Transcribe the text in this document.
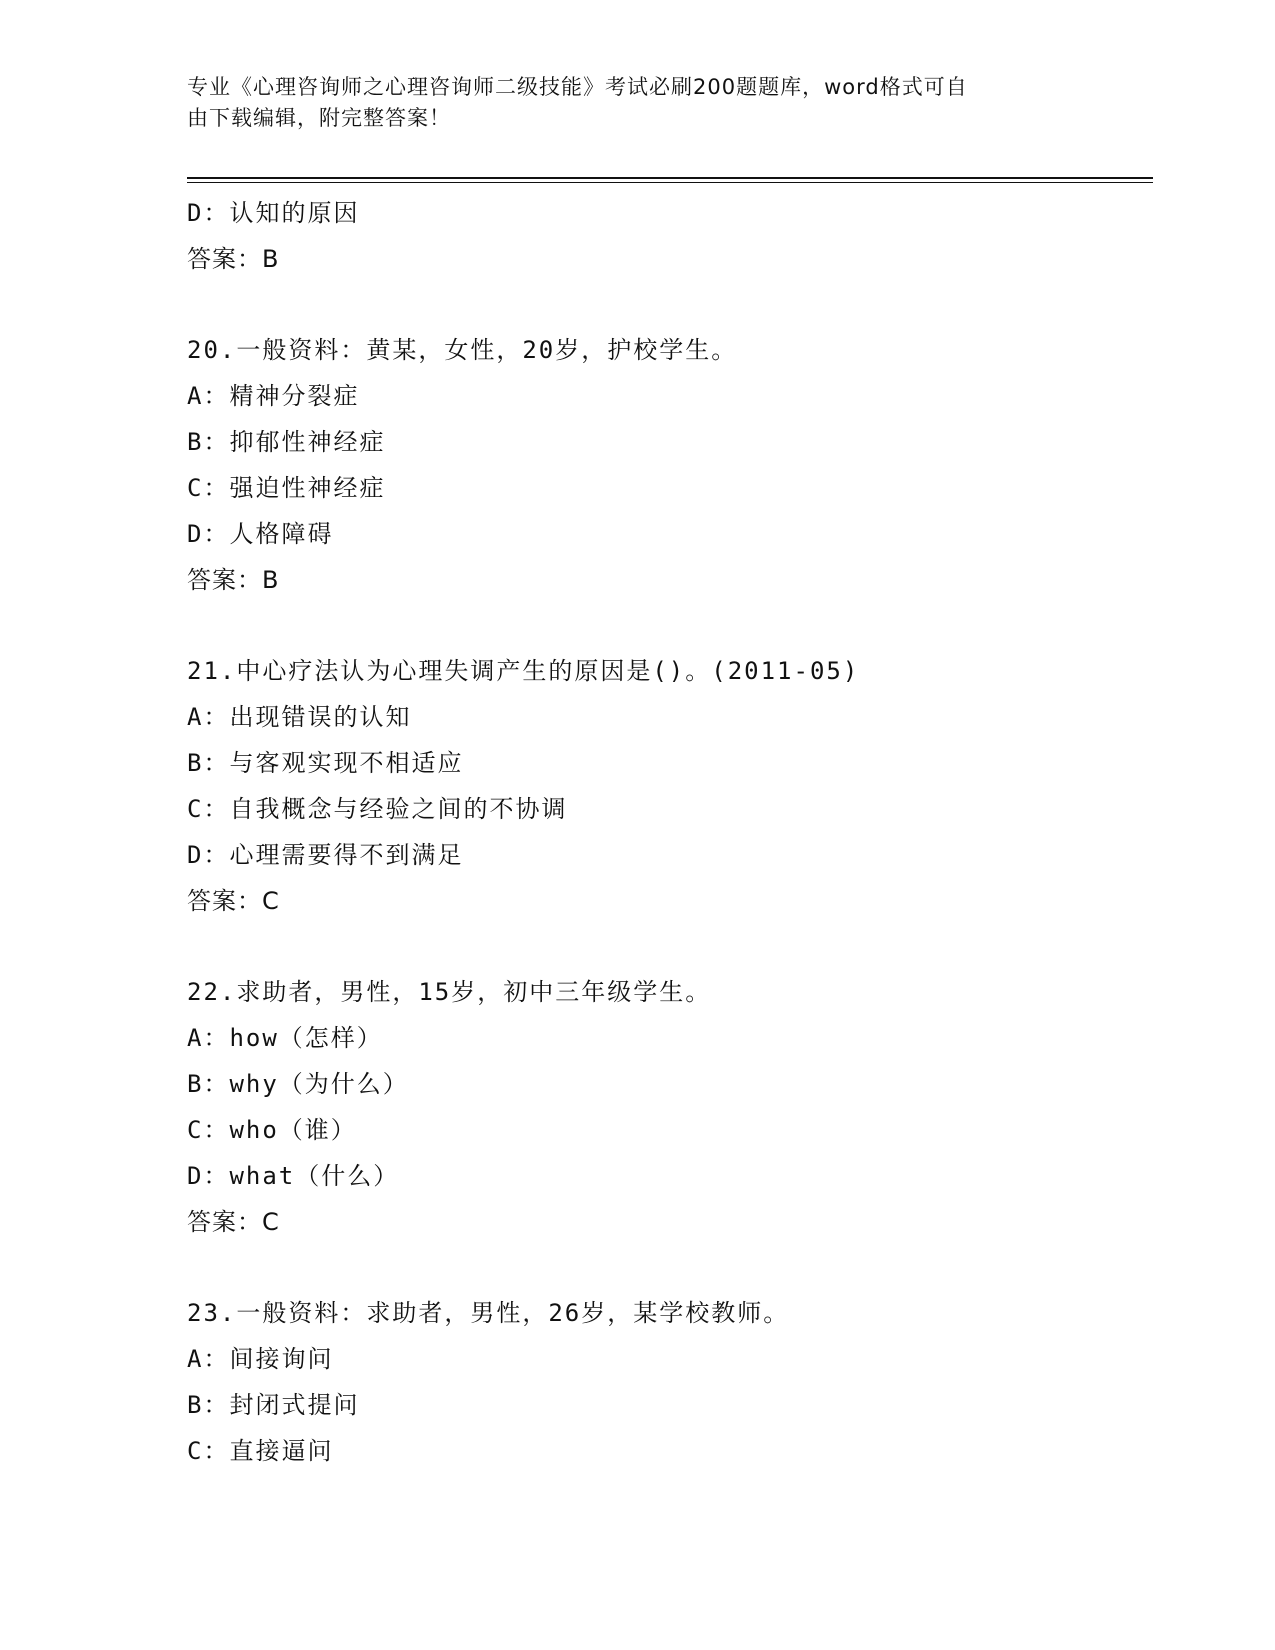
专业《心理咨询师之心理咨询师二级技能》考试必刷200题题库，word格式可自
由下载编辑，附完整答案！
D：认知的原因
答案：B
20.一般资料：黄某，女性，20岁，护校学生。
A：精神分裂症
B：抑郁性神经症
C：强迫性神经症
D：人格障碍
答案：B
21.中心疗法认为心理失调产生的原因是()。(2011-05)
A：出现错误的认知
B：与客观实现不相适应
C：自我概念与经验之间的不协调
D：心理需要得不到满足
答案：C
22.求助者，男性，15岁，初中三年级学生。
A：how（怎样）
B：why（为什么）
C：who（谁）
D：what（什么）
答案：C
23.一般资料：求助者，男性，26岁，某学校教师。
A：间接询问
B：封闭式提问
C：直接逼问
